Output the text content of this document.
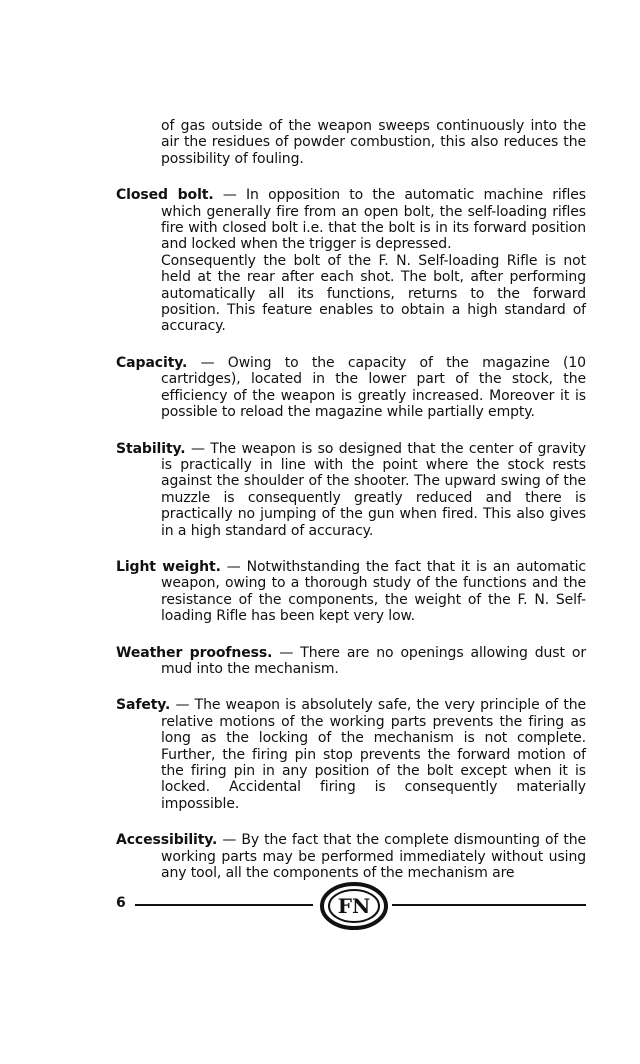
of gas outside of the weapon sweeps continuously into the air the residues of powder combustion, this also reduces the possibility of fouling.

Closed bolt. — In opposition to the automatic machine rifles which generally fire from an open bolt, the self-loading rifles fire with closed bolt i.e. that the bolt is in its forward position and locked when the trigger is depressed.

Consequently the bolt of the F. N. Self-loading Rifle is not held at the rear after each shot. The bolt, after performing automatically all its functions, returns to the forward position. This feature enables to obtain a high standard of accuracy.

Capacity. — Owing to the capacity of the magazine (10 cartridges), located in the lower part of the stock, the efficiency of the weapon is greatly increased. Moreover it is possible to reload the magazine while partially empty.

Stability. — The weapon is so designed that the center of gravity is practically in line with the point where the stock rests against the shoulder of the shooter. The upward swing of the muzzle is consequently greatly reduced and there is practically no jumping of the gun when fired. This also gives in a high standard of accuracy.

Light weight. — Notwithstanding the fact that it is an automatic weapon, owing to a thorough study of the functions and the resistance of the components, the weight of the F. N. Self-loading Rifle has been kept very low.

Weather proofness. — There are no openings allowing dust or mud into the mechanism.

Safety. — The weapon is absolutely safe, the very principle of the relative motions of the working parts prevents the firing as long as the locking of the mechanism is not complete. Further, the firing pin stop prevents the forward motion of the firing pin in any position of the bolt except when it is locked. Accidental firing is consequently materially impossible.

Accessibility. — By the fact that the complete dismounting of the working parts may be performed immediately without using any tool, all the components of the mechanism are

6	FN
